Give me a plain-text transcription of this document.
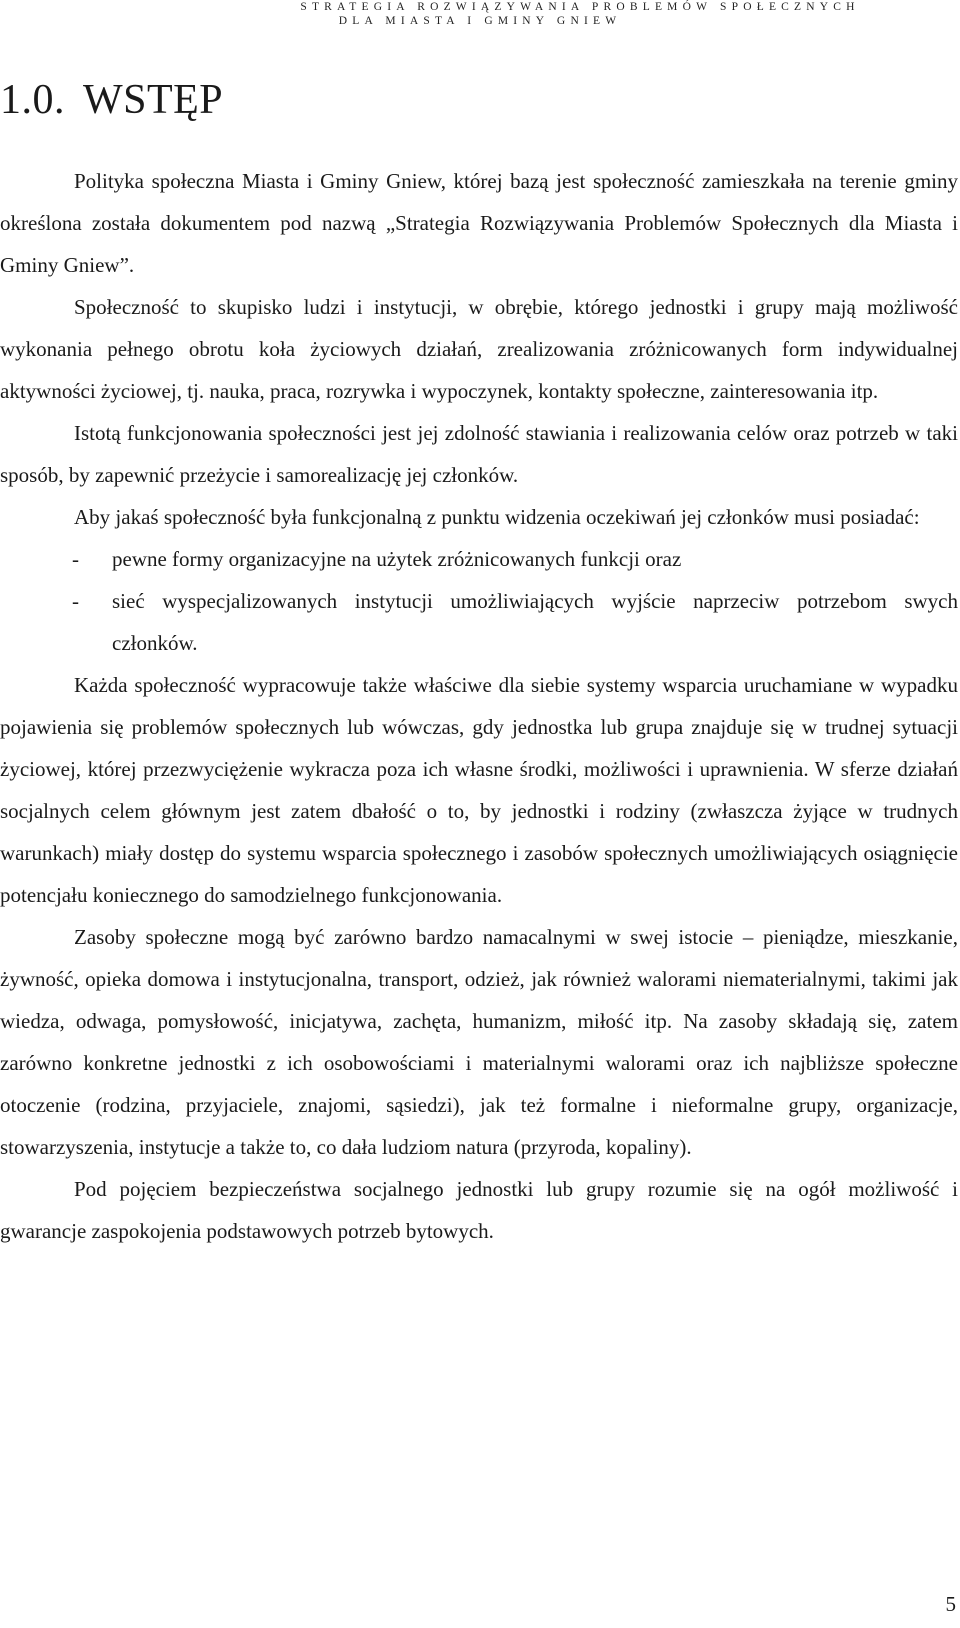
STRATEGIA ROZWIĄZYWANIA PROBLEMÓW SPOŁECZNYCH
DLA MIASTA I GMINY GNIEW
1.0. WSTĘP

Polityka społeczna Miasta i Gminy Gniew, której bazą jest społeczność zamieszkała na terenie gminy określona została dokumentem pod nazwą „Strategia Rozwiązywania Problemów Społecznych dla Miasta i Gminy Gniew”.

Społeczność to skupisko ludzi i instytucji, w obrębie, którego jednostki i grupy mają możliwość wykonania pełnego obrotu koła życiowych działań, zrealizowania zróżnicowanych form indywidualnej aktywności życiowej, tj. nauka, praca, rozrywka i wypoczynek, kontakty społeczne, zainteresowania itp.

Istotą funkcjonowania społeczności jest jej zdolność stawiania i realizowania celów oraz potrzeb w taki sposób, by zapewnić przeżycie i samorealizację jej członków.

Aby jakaś społeczność była funkcjonalną z punktu widzenia oczekiwań jej członków musi posiadać:

- pewne formy organizacyjne na użytek zróżnicowanych funkcji oraz
- sieć wyspecjalizowanych instytucji umożliwiających wyjście naprzeciw potrzebom swych członków.

Każda społeczność wypracowuje także właściwe dla siebie systemy wsparcia uruchamiane w wypadku pojawienia się problemów społecznych lub wówczas, gdy jednostka lub grupa znajduje się w trudnej sytuacji życiowej, której przezwyciężenie wykracza poza ich własne środki, możliwości i uprawnienia. W sferze działań socjalnych celem głównym jest zatem dbałość o to, by jednostki i rodziny (zwłaszcza żyjące w trudnych warunkach) miały dostęp do systemu wsparcia społecznego i zasobów społecznych umożliwiających osiągnięcie potencjału koniecznego do samodzielnego funkcjonowania.

Zasoby społeczne mogą być zarówno bardzo namacalnymi w swej istocie – pieniądze, mieszkanie, żywność, opieka domowa i instytucjonalna, transport, odzież, jak również walorami niematerialnymi, takimi jak wiedza, odwaga, pomysłowość, inicjatywa, zachęta, humanizm, miłość itp. Na zasoby składają się, zatem zarówno konkretne jednostki z ich osobowościami i materialnymi walorami oraz ich najbliższe społeczne otoczenie (rodzina, przyjaciele, znajomi, sąsiedzi), jak też formalne i nieformalne grupy, organizacje, stowarzyszenia, instytucje a także to, co dała ludziom natura (przyroda, kopaliny).

Pod pojęciem bezpieczeństwa socjalnego jednostki lub grupy rozumie się na ogół możliwość i gwarancje zaspokojenia podstawowych potrzeb bytowych.

5
